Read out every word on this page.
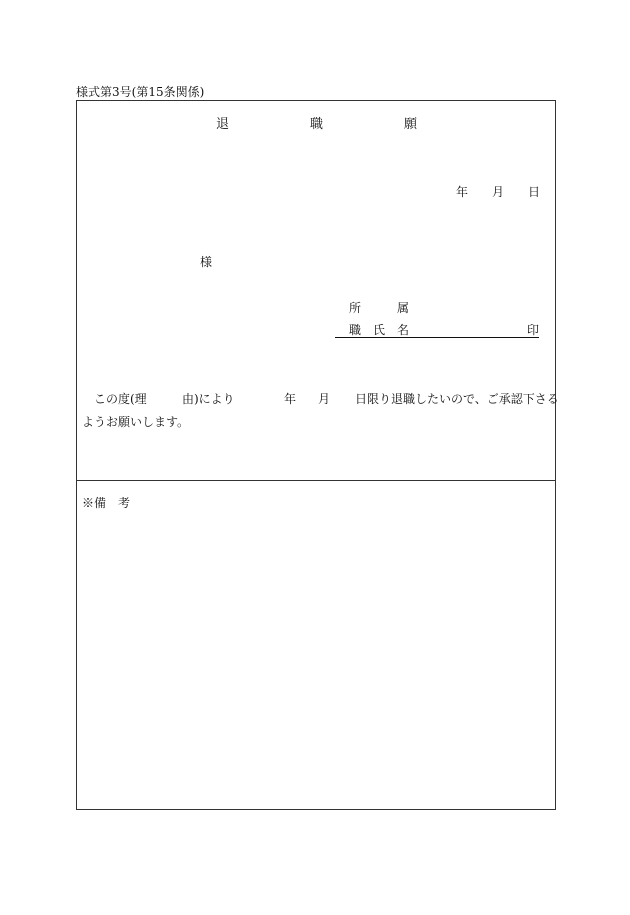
様式第3号(第15条関係)
退	職	願
年 月 日
様
所	属
職 氏 名	印
この度(理	由)により	年 月 日限り退職したいので、ご承認下さる
ようお願いします。
※備 考
